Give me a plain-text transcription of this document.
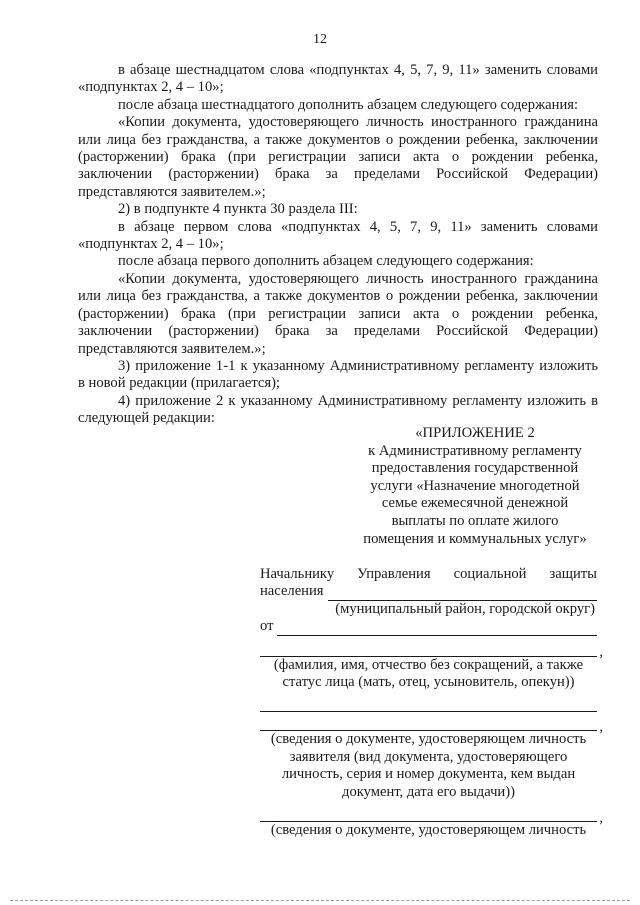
12

в абзаце шестнадцатом слова «подпунктах 4, 5, 7, 9, 11» заменить словами «подпунктах 2, 4 – 10»;

после абзаца шестнадцатого дополнить абзацем следующего содержания:

«Копии документа, удостоверяющего личность иностранного гражданина или лица без гражданства, а также документов о рождении ребенка, заключении (расторжении) брака (при регистрации записи акта о рождении ребенка, заключении (расторжении) брака за пределами Российской Федерации) представляются заявителем.»;

2) в подпункте 4 пункта 30 раздела III:

в абзаце первом слова «подпунктах 4, 5, 7, 9, 11» заменить словами «подпунктах 2, 4 – 10»;

после абзаца первого дополнить абзацем следующего содержания:

«Копии документа, удостоверяющего личность иностранного гражданина или лица без гражданства, а также документов о рождении ребенка, заключении (расторжении) брака (при регистрации записи акта о рождении ребенка, заключении (расторжении) брака за пределами Российской Федерации) представляются заявителем.»;

3) приложение 1-1 к указанному Административному регламенту изложить в новой редакции (прилагается);

4) приложение 2 к указанному Административному регламенту изложить в следующей редакции:

«ПРИЛОЖЕНИЕ 2
к Административному регламенту
предоставления государственной
услуги «Назначение многодетной
семье ежемесячной денежной
выплаты по оплате жилого
помещения и коммунальных услуг»
Начальнику Управления социальной защиты
населения
(муниципальный район, городской округ)
от
,
(фамилия, имя, отчество без сокращений, а также статус лица (мать, отец, усыновитель, опекун))
,
(сведения о документе, удостоверяющем личность заявителя (вид документа, удостоверяющего личность, серия и номер документа, кем выдан документ, дата его выдачи))
,
(сведения о документе, удостоверяющем личность
